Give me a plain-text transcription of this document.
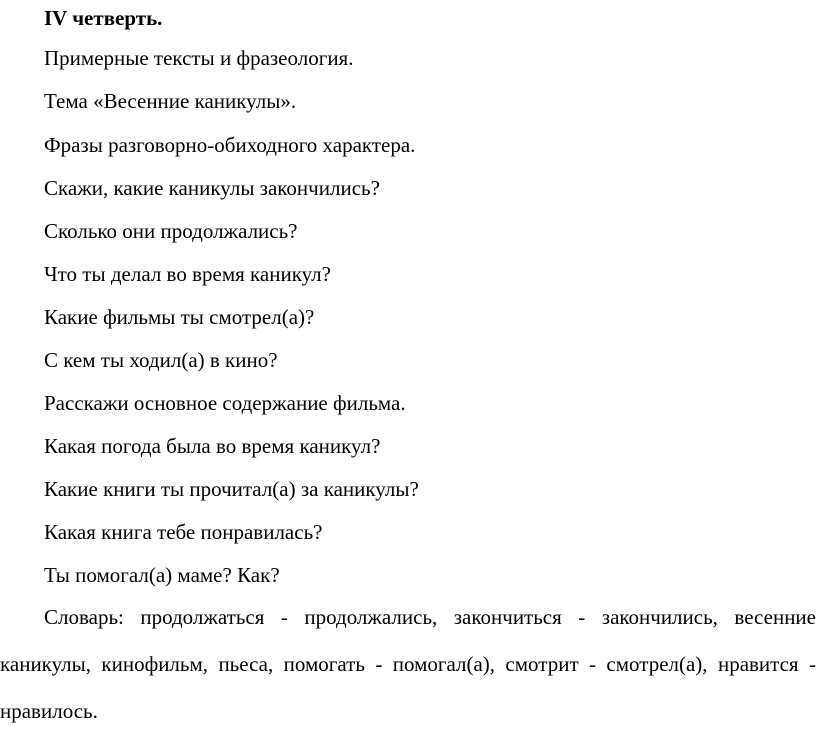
IV четверть.
Примерные тексты и фразеология.
Тема «Весенние каникулы».
Фразы разговорно-обиходного характера.
Скажи, какие каникулы закончились?
Сколько они продолжались?
Что ты делал во время каникул?
Какие фильмы ты смотрел(а)?
С кем ты ходил(а) в кино?
Расскажи основное содержание фильма.
Какая погода была во время каникул?
Какие книги ты прочитал(а) за каникулы?
Какая книга тебе понравилась?
Ты помогал(а) маме? Как?
Словарь: продолжаться - продолжались, закончиться - закончились, весенние каникулы, кинофильм, пьеса, помогать - помогал(а), смотрит - смотрел(а), нравится - нравилось.
